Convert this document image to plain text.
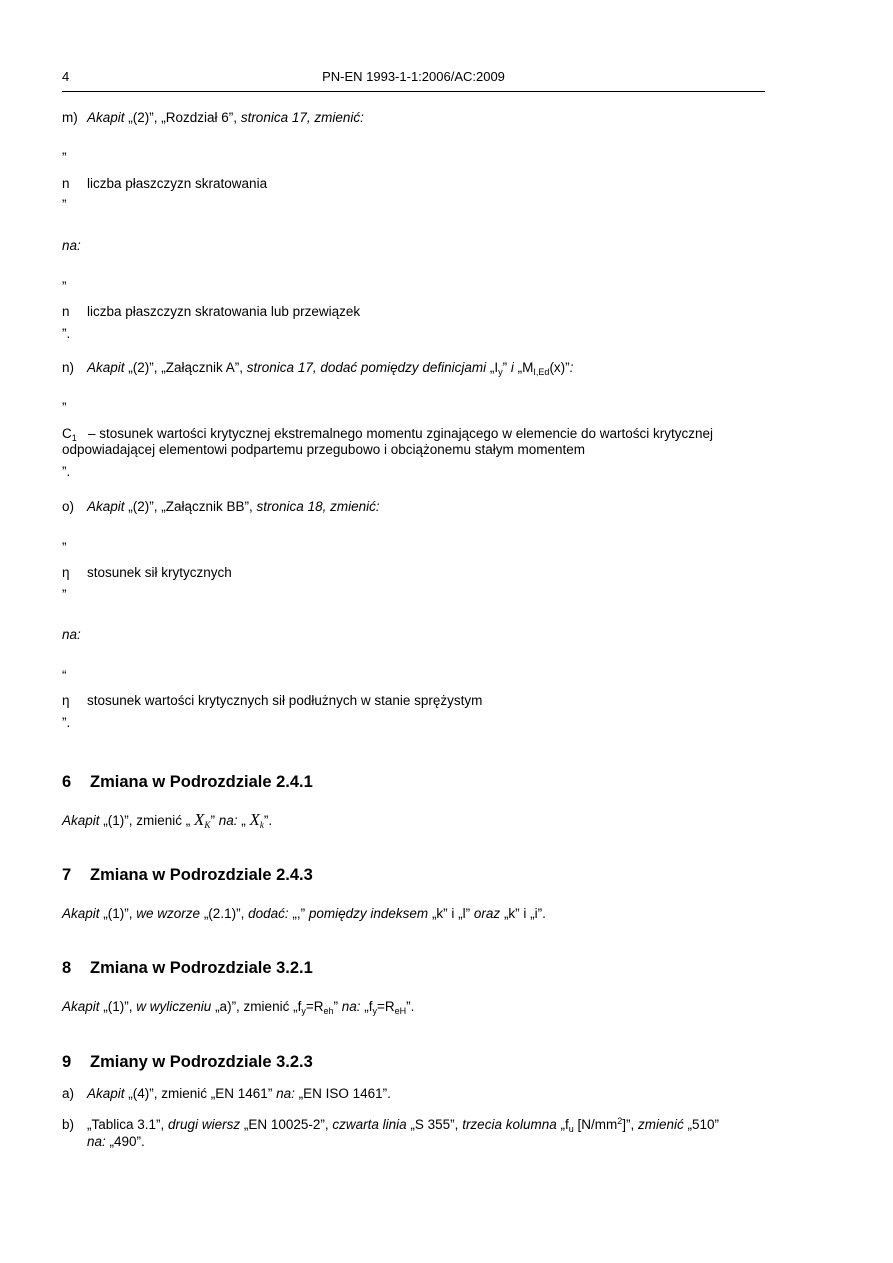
4	PN-EN 1993-1-1:2006/AC:2009
m) Akapit „(2)”, „Rozdział 6”, stronica 17, zmienić:
”
n liczba płaszczyzn skratowania
”
na:
”
n liczba płaszczyzn skratowania lub przewiązek
”.
n) Akapit „(2)”, „Załącznik A”, stronica 17, dodać pomiędzy definicjami $„I_y$” i $„M_{I,Ed}(x)$”:
”
$C_1$ – stosunek wartości krytycznej ekstremalnego momentu zginającego w elemencie do wartości krytycznej
odpowiadającej elementowi podpartemu przegubowo i obciążonemu stałym momentem
”.
o) Akapit „(2)”, „Załącznik BB”, stronica 18, zmienić:
”
η stosunek sił krytycznych
”
na:
“
η stosunek wartości krytycznych sił podłużnych w stanie sprężystym
”.
6 Zmiana w Podrozdziale 2.4.1
Akapit „(1)”, zmienić „ $X_K$” na: „ $X_k$”.
7 Zmiana w Podrozdziale 2.4.3
Akapit „(1)”, we wzorze „(2.1)”, dodać: „,” pomiędzy indeksem „k” i „l” oraz „k” i „i”.
8 Zmiana w Podrozdziale 3.2.1
Akapit „(1)”, w wyliczeniu „a)”, zmienić $„f_y=R_{eh}$” na: $„f_y=R_{eH}$”.
9 Zmiany w Podrozdziale 3.2.3
a) Akapit „(4)”, zmienić „EN 1461” na: „EN ISO 1461”.
b) „Tablica 3.1”, drugi wiersz „EN 10025-2”, czwarta linia „S 355”, trzecia kolumna $„f_u$ $[N/mm^2]$”, zmienić „510”
na: „490”.
